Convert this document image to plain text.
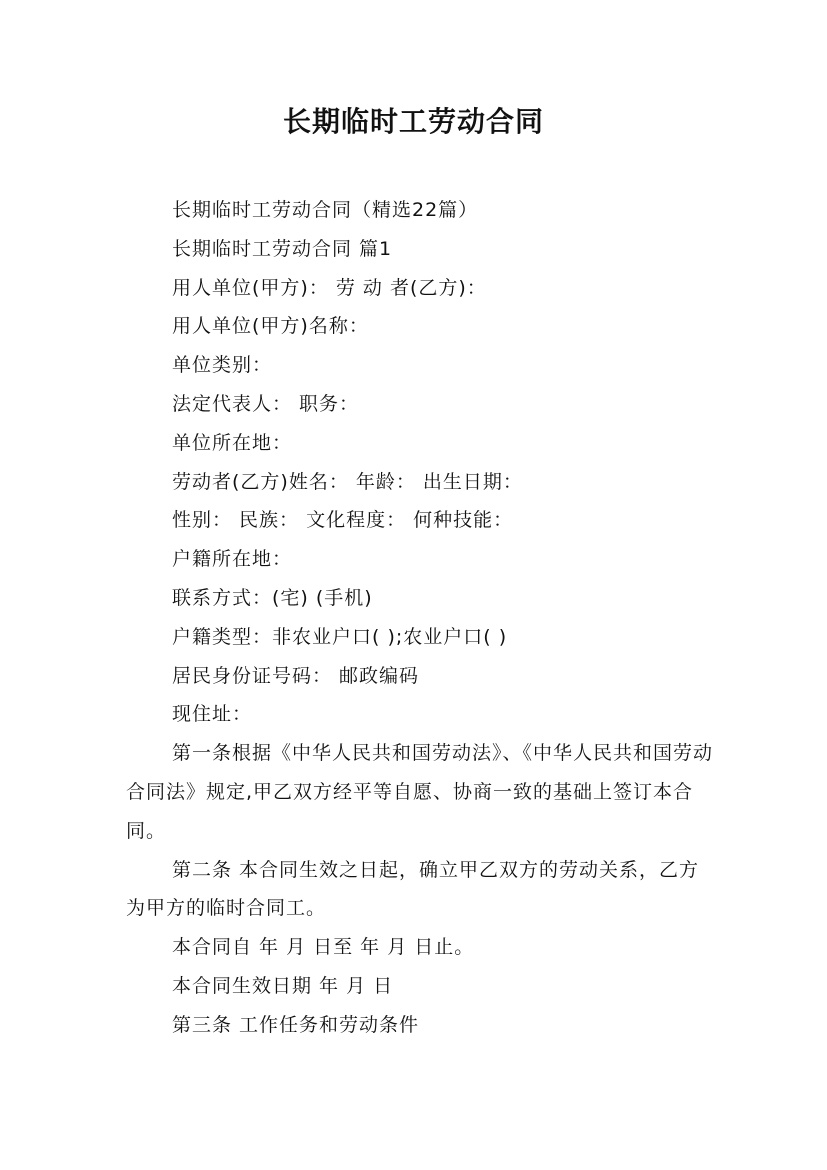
长期临时工劳动合同

长期临时工劳动合同（精选22篇）

长期临时工劳动合同 篇1

用人单位(甲方)： 劳 动 者(乙方)：

用人单位(甲方)名称：

单位类别：

法定代表人： 职务：

单位所在地：

劳动者(乙方)姓名： 年龄： 出生日期：

性别： 民族： 文化程度： 何种技能：

户籍所在地：

联系方式：(宅) (手机)

户籍类型：非农业户口( );农业户口( )

居民身份证号码： 邮政编码

现住址：

第一条根据《中华人民共和国劳动法》、《中华人民共和国劳动合同法》规定,甲乙双方经平等自愿、协商一致的基础上签订本合同。

第二条 本合同生效之日起，确立甲乙双方的劳动关系，乙方为甲方的临时合同工。

本合同自 年 月 日至 年 月 日止。

本合同生效日期 年 月 日

第三条 工作任务和劳动条件
